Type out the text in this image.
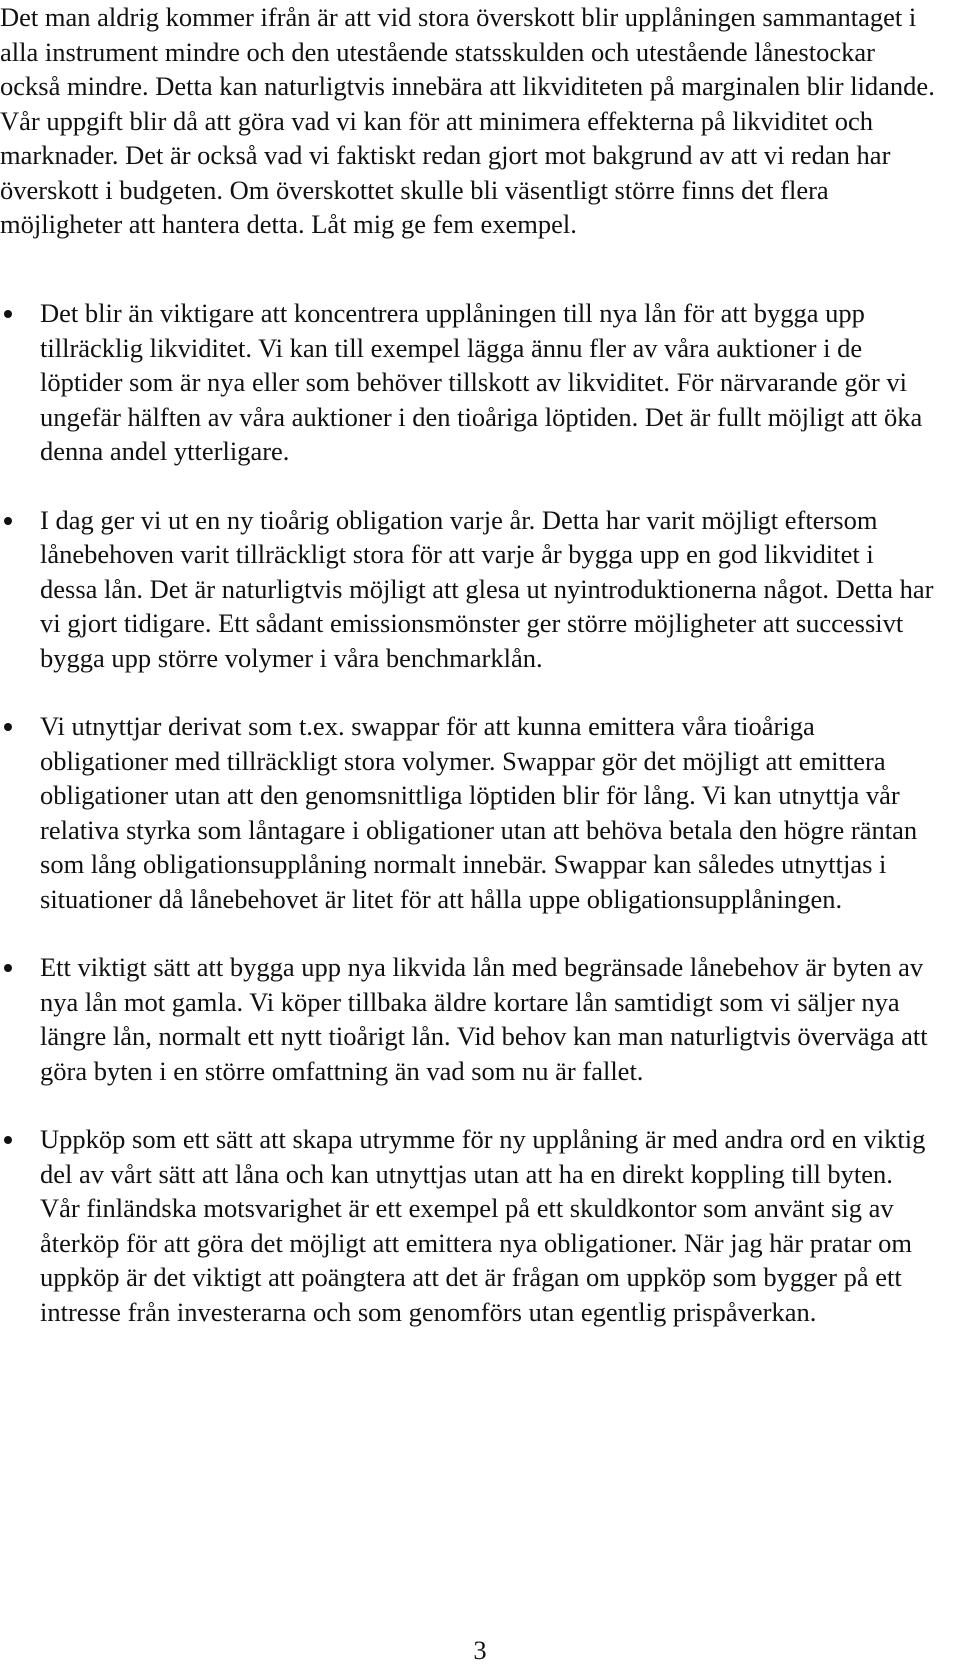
Det man aldrig kommer ifrån är att vid stora överskott blir upplåningen sammantaget i alla instrument mindre och den utestående statsskulden och utestående lånestockar också mindre. Detta kan naturligtvis innebära att likviditeten på marginalen blir lidande. Vår uppgift blir då att göra vad vi kan för att minimera effekterna på likviditet och marknader. Det är också vad vi faktiskt redan gjort mot bakgrund av att vi redan har överskott i budgeten. Om överskottet skulle bli väsentligt större finns det flera möjligheter att hantera detta. Låt mig ge fem exempel.

Det blir än viktigare att koncentrera upplåningen till nya lån för att bygga upp tillräcklig likviditet. Vi kan till exempel lägga ännu fler av våra auktioner i de löptider som är nya eller som behöver tillskott av likviditet. För närvarande gör vi ungefär hälften av våra auktioner i den tioåriga löptiden. Det är fullt möjligt att öka denna andel ytterligare.
I dag ger vi ut en ny tioårig obligation varje år. Detta har varit möjligt eftersom lånebehoven varit tillräckligt stora för att varje år bygga upp en god likviditet i dessa lån. Det är naturligtvis möjligt att glesa ut nyintroduktionerna något. Detta har vi gjort tidigare. Ett sådant emissionsmönster ger större möjligheter att successivt bygga upp större volymer i våra benchmarklån.
Vi utnyttjar derivat som t.ex. swappar för att kunna emittera våra tioåriga obligationer med tillräckligt stora volymer. Swappar gör det möjligt att emittera obligationer utan att den genomsnittliga löptiden blir för lång. Vi kan utnyttja vår relativa styrka som låntagare i obligationer utan att behöva betala den högre räntan som lång obligationsupplåning normalt innebär. Swappar kan således utnyttjas i situationer då lånebehovet är litet för att hålla uppe obligationsupplåningen.
Ett viktigt sätt att bygga upp nya likvida lån med begränsade lånebehov är byten av nya lån mot gamla. Vi köper tillbaka äldre kortare lån samtidigt som vi säljer nya längre lån, normalt ett nytt tioårigt lån. Vid behov kan man naturligtvis överväga att göra byten i en större omfattning än vad som nu är fallet.
Uppköp som ett sätt att skapa utrymme för ny upplåning är med andra ord en viktig del av vårt sätt att låna och kan utnyttjas utan att ha en direkt koppling till byten. Vår finländska motsvarighet är ett exempel på ett skuldkontor som använt sig av återköp för att göra det möjligt att emittera nya obligationer. När jag här pratar om uppköp är det viktigt att poängtera att det är frågan om uppköp som bygger på ett intresse från investerarna och som genomförs utan egentlig prispåverkan.
3
